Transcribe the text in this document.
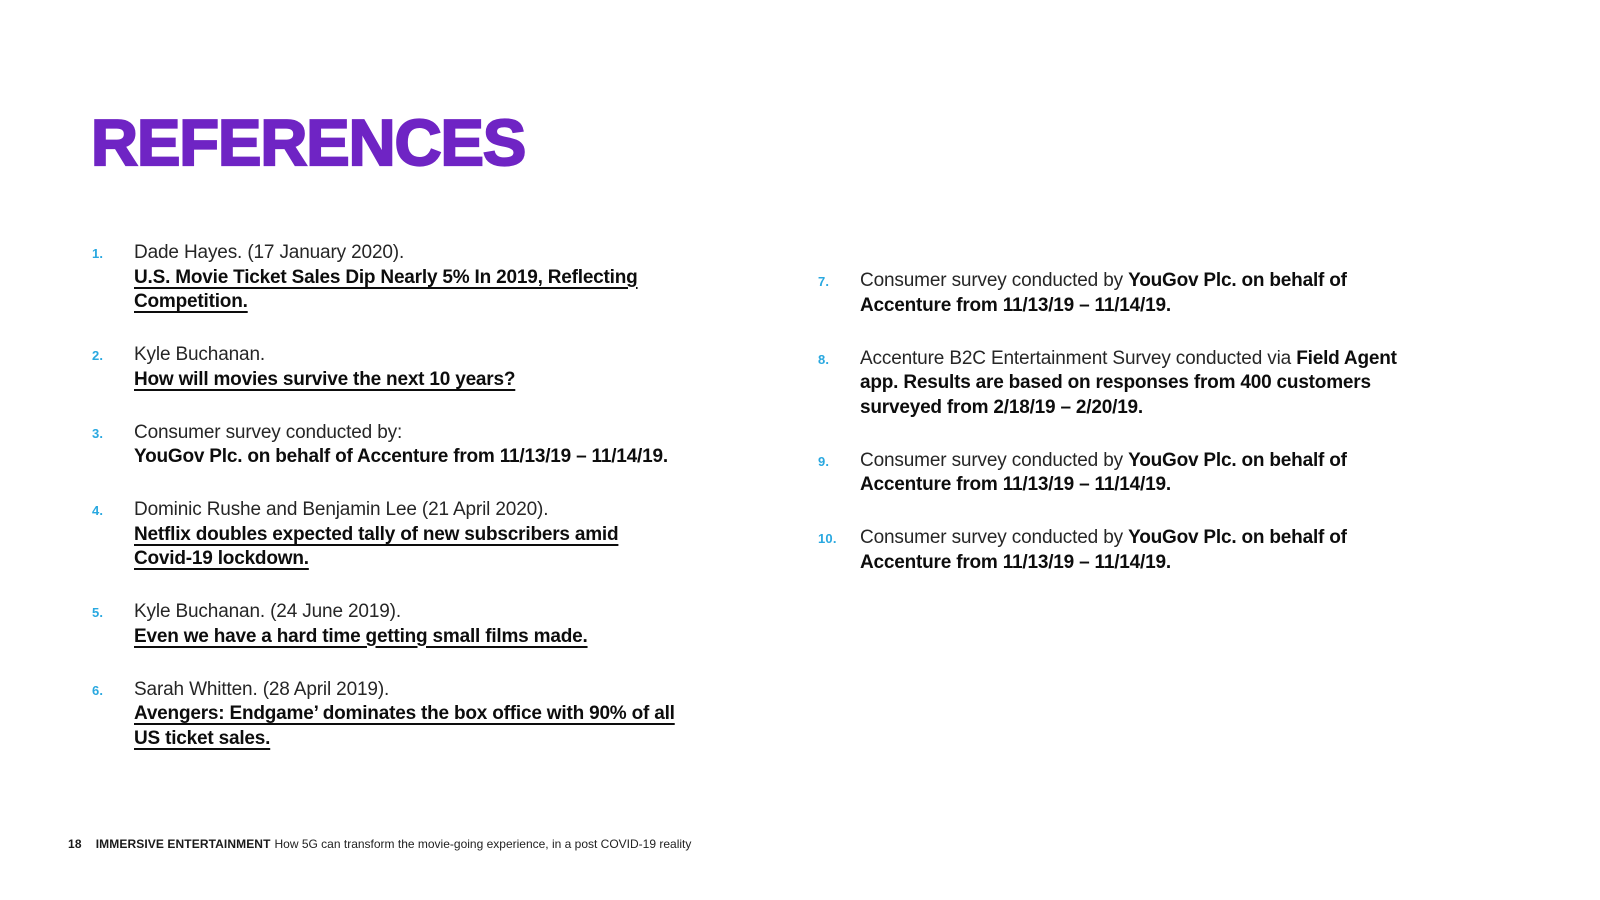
REFERENCES
1.	Dade Hayes. (17 January 2020).
U.S. Movie Ticket Sales Dip Nearly 5% In 2019, Reflecting
Competition.
2.	Kyle Buchanan.
How will movies survive the next 10 years?
3.	Consumer survey conducted by:
YouGov Plc. on behalf of Accenture from 11/13/19 – 11/14/19.
4.	Dominic Rushe and Benjamin Lee (21 April 2020).
Netflix doubles expected tally of new subscribers amid
Covid-19 lockdown.
5.	Kyle Buchanan. (24 June 2019).
Even we have a hard time getting small films made.
6.	Sarah Whitten. (28 April 2019).
Avengers: Endgame’ dominates the box office with 90% of all
US ticket sales.
7.	Consumer survey conducted by YouGov Plc. on behalf of
Accenture from 11/13/19 – 11/14/19.
8.	Accenture B2C Entertainment Survey conducted via Field Agent
app. Results are based on responses from 400 customers
surveyed from 2/18/19 – 2/20/19.
9.	Consumer survey conducted by YouGov Plc. on behalf of
Accenture from 11/13/19 – 11/14/19.
10.	Consumer survey conducted by YouGov Plc. on behalf of
Accenture from 11/13/19 – 11/14/19.
18 IMMERSIVE ENTERTAINMENT How 5G can transform the movie-going experience, in a post COVID-19 reality
